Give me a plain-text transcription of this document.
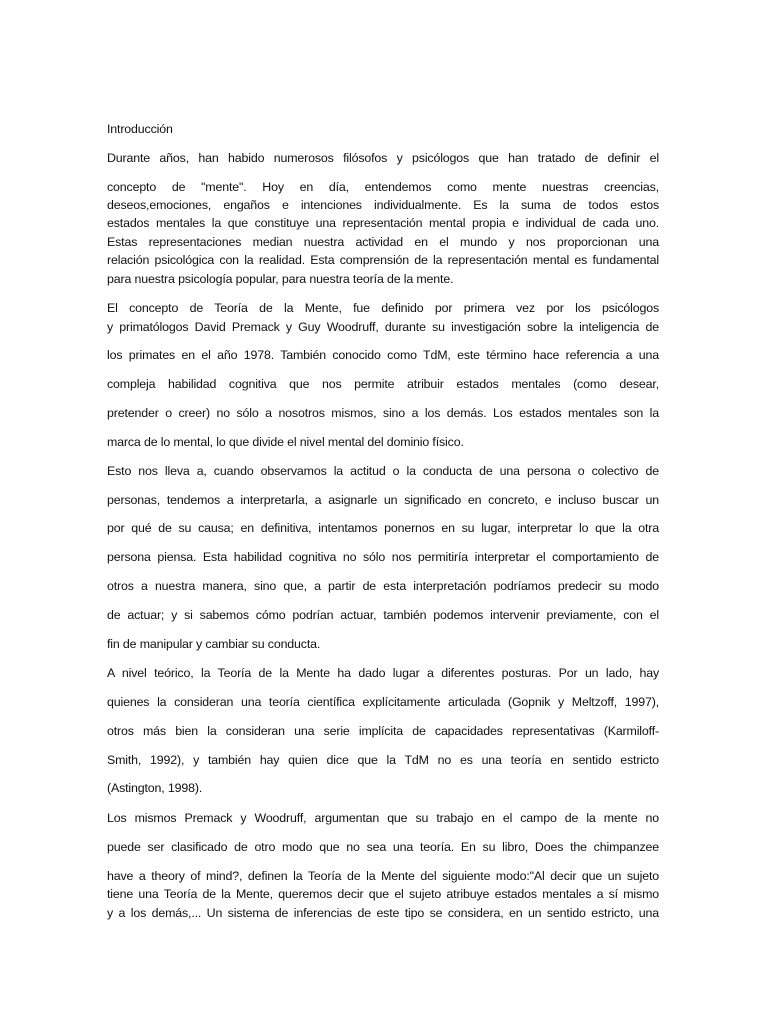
Introducción
Durante años, han habido numerosos filósofos y psicólogos que han tratado de definir el
concepto de "mente". Hoy en día, entendemos como mente nuestras creencias,
deseos,emociones, engaños e intenciones individualmente. Es la suma de todos estos
estados mentales la que constituye una representación mental propia e individual de cada uno.
Estas representaciones median nuestra actividad en el mundo y nos proporcionan una
relación psicológica con la realidad. Esta comprensión de la representación mental es fundamental
para nuestra psicología popular, para nuestra teoría de la mente.
El concepto de Teoría de la Mente, fue definido por primera vez por los psicólogos
y primatólogos David Premack y Guy Woodruff, durante su investigación sobre la inteligencia de
los primates en el año 1978. También conocido como TdM, este término hace referencia a una
compleja habilidad cognitiva que nos permite atribuir estados mentales (como desear,
pretender o creer) no sólo a nosotros mismos, sino a los demás. Los estados mentales son la
marca de lo mental, lo que divide el nivel mental del dominio físico.
Esto nos lleva a, cuando observamos la actitud o la conducta de una persona o colectivo de
personas, tendemos a interpretarla, a asignarle un significado en concreto, e incluso buscar un
por qué de su causa; en definitiva, intentamos ponernos en su lugar, interpretar lo que la otra
persona piensa. Esta habilidad cognitiva no sólo nos permitiría interpretar el comportamiento de
otros a nuestra manera, sino que, a partir de esta interpretación podríamos predecir su modo
de actuar; y si sabemos cómo podrían actuar, también podemos intervenir previamente, con el
fin de manipular y cambiar su conducta.
A nivel teórico, la Teoría de la Mente ha dado lugar a diferentes posturas. Por un lado, hay
quienes la consideran una teoría científica explícitamente articulada (Gopnik y Meltzoff, 1997),
otros más bien la consideran una serie implícita de capacidades representativas (Karmiloff-
Smith, 1992), y también hay quien dice que la TdM no es una teoría en sentido estricto
(Astington, 1998).
Los mismos Premack y Woodruff, argumentan que su trabajo en el campo de la mente no
puede ser clasificado de otro modo que no sea una teoría. En su libro, Does the chimpanzee
have a theory of mind?, definen la Teoría de la Mente del siguiente modo:"Al decir que un sujeto
tiene una Teoría de la Mente, queremos decir que el sujeto atribuye estados mentales a sí mismo
y a los demás,... Un sistema de inferencias de este tipo se considera, en un sentido estricto, una
